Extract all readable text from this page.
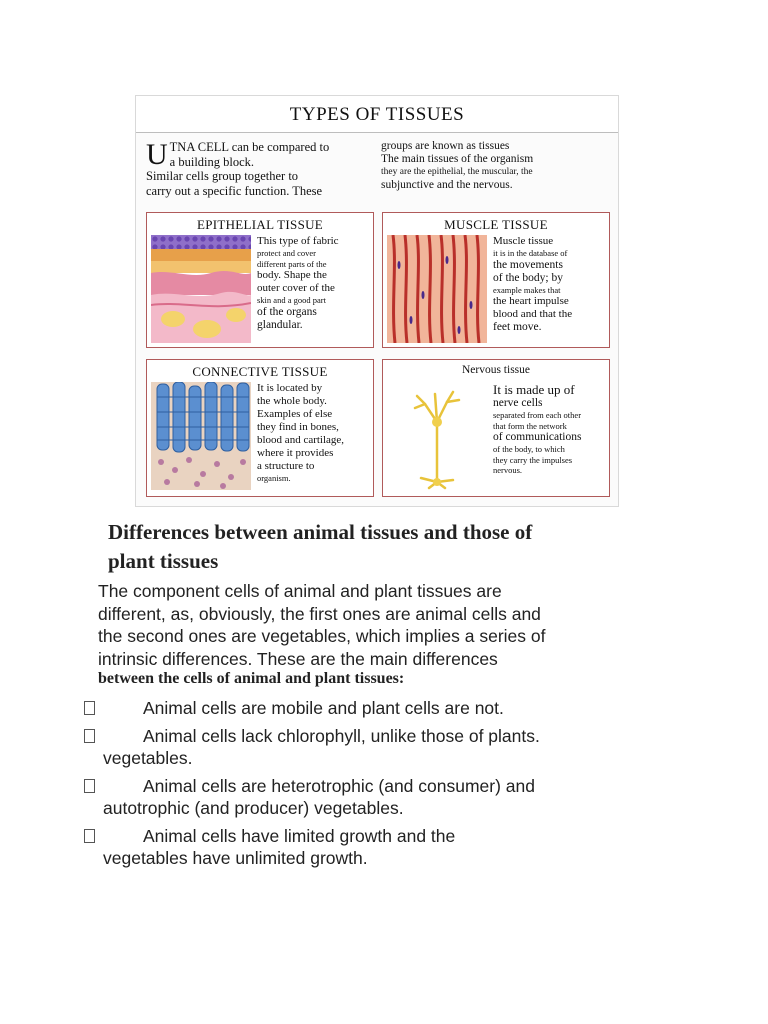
TYPES OF TISSUES
U TNA CELL can be compared to
a building block.
Similar cells group together to
carry out a specific function. These
groups are known as tissues
The main tissues of the organism
they are the epithelial, the muscular, the
subjunctive and the nervous.
EPITHELIAL TISSUE
This type of fabric
protect and cover
different parts of the
body. Shape the
outer cover of the
skin and a good part
of the organs
glandular.
MUSCLE TISSUE
Muscle tissue
it is in the database of
the movements
of the body; by
example makes that
the heart impulse
blood and that the
feet move.
CONNECTIVE TISSUE
It is located by
the whole body.
Examples of else
they find in bones,
blood and cartilage,
where it provides
a structure to
organism.
Nervous tissue
It is made up of
nerve cells
separated from each other
that form the network
of communications
of the body, to which
they carry the impulses
nervous.
Differences between animal tissues and those of
plant tissues
The component cells of animal and plant tissues are
different, as, obviously, the first ones are animal cells and
the second ones are vegetables, which implies a series of
intrinsic differences. These are the main differences
between the cells of animal and plant tissues:
Animal cells are mobile and plant cells are not.
Animal cells lack chlorophyll, unlike those of plants.
vegetables.
Animal cells are heterotrophic (and consumer) and
autotrophic (and producer) vegetables.
Animal cells have limited growth and the
vegetables have unlimited growth.
